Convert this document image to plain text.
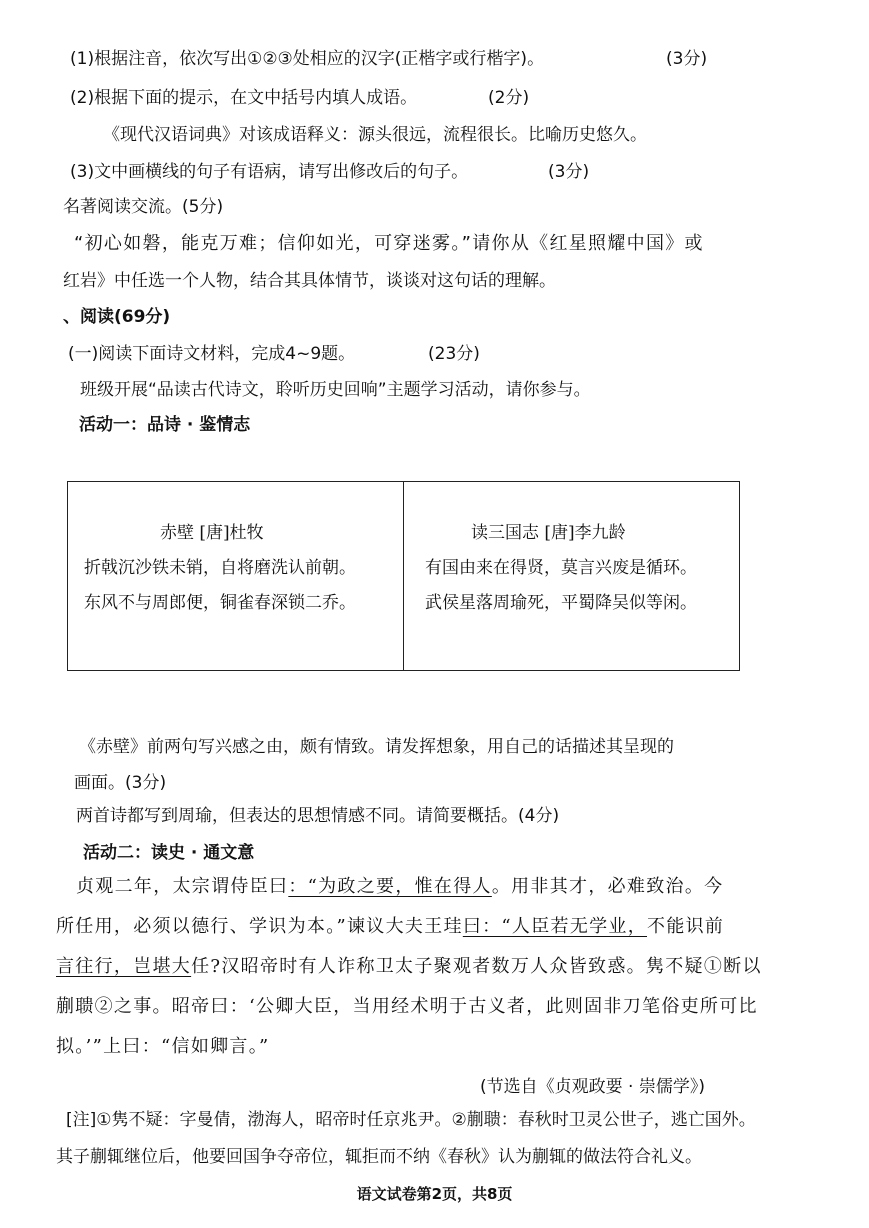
(1)根据注音，依次写出①②③处相应的汉字(正楷字或行楷字)。	(3分)
(2)根据下面的提示，在文中括号内填人成语。	(2分)
《现代汉语词典》对该成语释义：源头很远，流程很长。比喻历史悠久。
(3)文中画横线的句子有语病，请写出修改后的句子。	(3分)
名著阅读交流。(5分)
“初心如磐，能克万难；信仰如光，可穿迷雾。”请你从《红星照耀中国》或
红岩》中任选一个人物，结合其具体情节，谈谈对这句话的理解。
、阅读(69分)
(一)阅读下面诗文材料，完成4~9题。	(23分)
班级开展“品读古代诗文，聆听历史回响”主题学习活动，请你参与。
活动一：品诗 · 鉴情志
赤壁 [唐]杜牧
折戟沉沙铁未销，自将磨洗认前朝。
东风不与周郎便，铜雀春深锁二乔。
读三国志 [唐]李九龄
有国由来在得贤，莫言兴废是循环。
武侯星落周瑜死，平蜀降吴似等闲。
《赤壁》前两句写兴感之由，颇有情致。请发挥想象，用自己的话描述其呈现的
画面。(3分)
两首诗都写到周瑜，但表达的思想情感不同。请简要概括。(4分)
活动二：读史 · 通文意
贞观二年，太宗谓侍臣曰：“为政之要，惟在得人。用非其才，必难致治。今
所任用，必须以德行、学识为本。”谏议大夫王珪曰：“人臣若无学业，不能识前
言往行，岂堪大任?汉昭帝时有人诈称卫太子聚观者数万人众皆致惑。隽不疑①断以
蒯聩②之事。昭帝曰：‘公卿大臣，当用经术明于古义者，此则固非刀笔俗吏所可比
拟。’”上曰：“信如卿言。”
(节选自《贞观政要 · 崇儒学》)
[注]①隽不疑：字曼倩，渤海人，昭帝时任京兆尹。②蒯聩：春秋时卫灵公世子，逃亡国外。
其子蒯辄继位后，他要回国争夺帝位，辄拒而不纳《春秋》认为蒯辄的做法符合礼义。
语文试卷第2页，共8页
